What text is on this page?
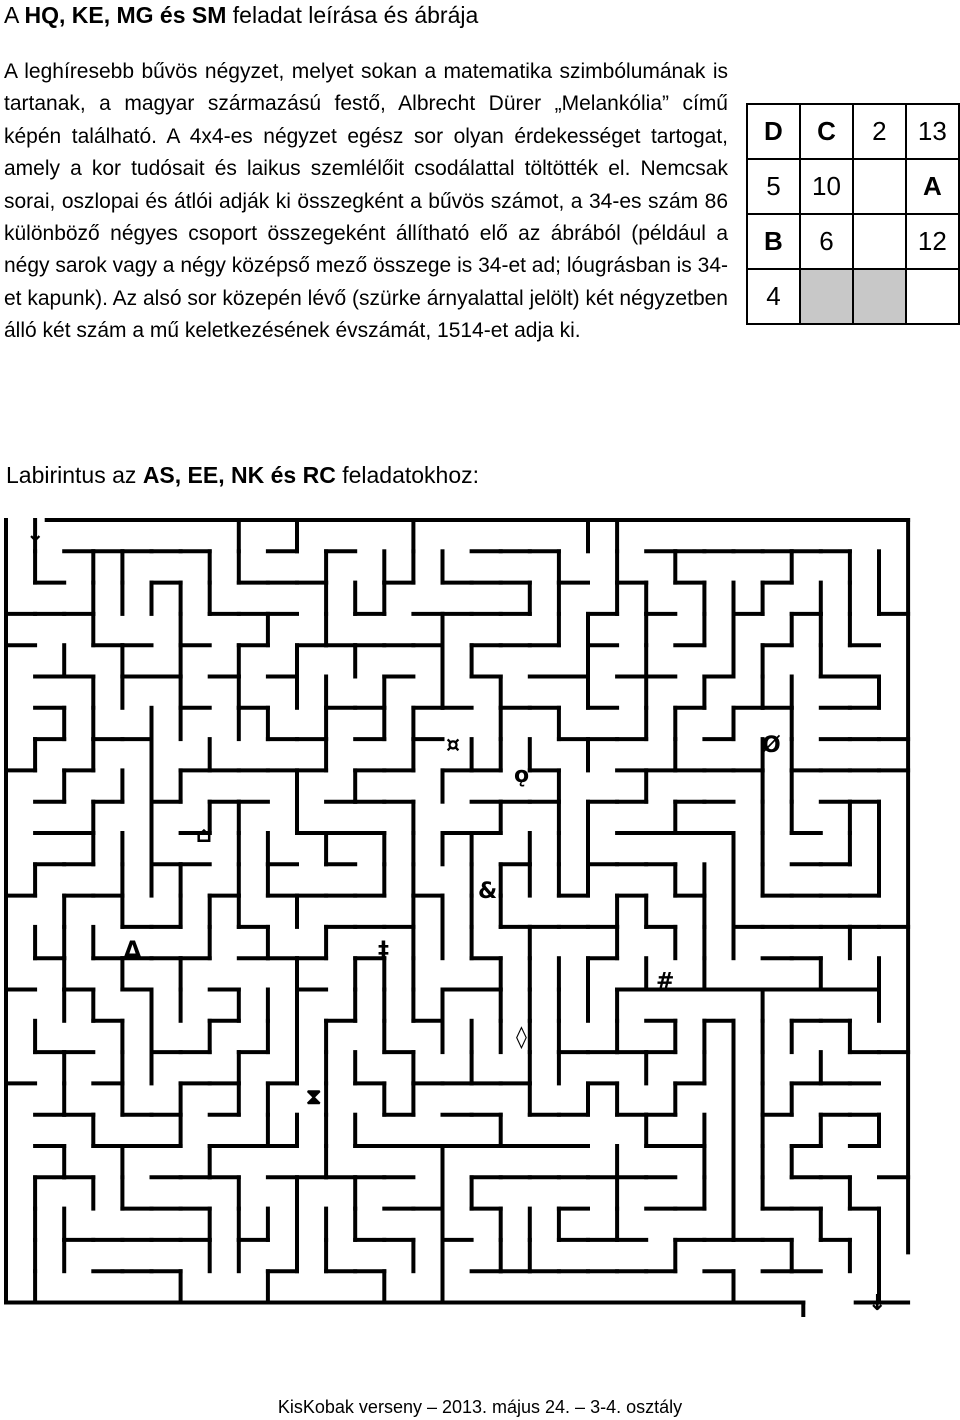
A HQ, KE, MG és SM feladat leírása és ábrája
A leghíresebb bűvös négyzet, melyet sokan a matematika szimbólumának is tartanak, a magyar származású festő, Albrecht Dürer „Melankólia” című képén található. A 4x4-es négyzet egész sor olyan érdekességet tartogat, amely a kor tudósait és laikus szemlélőit csodálattal töltötték el. Nemcsak sorai, oszlopai és átlói adják ki összegként a bűvös számot, a 34-es szám 86 különböző négyes csoport összegeként állítható elő az ábrából (például a négy sarok vagy a négy középső mező összege is 34-et ad; lóugrásban is 34-et kapunk). Az alsó sor közepén lévő (szürke árnyalattal jelölt) két négyzetben álló két szám a mű keletkezésének évszámát, 1514-et adja ki.
D	C	2	13
5	10		A
B	6		12
4			
Labirintus az AS, EE, NK és RC feladatokhoz:
↓
↓
¤
ǫ
Ø
⌂
&
Δ	‡
#
◊
⧗
KisKobak verseny – 2013. május 24. – 3-4. osztály
